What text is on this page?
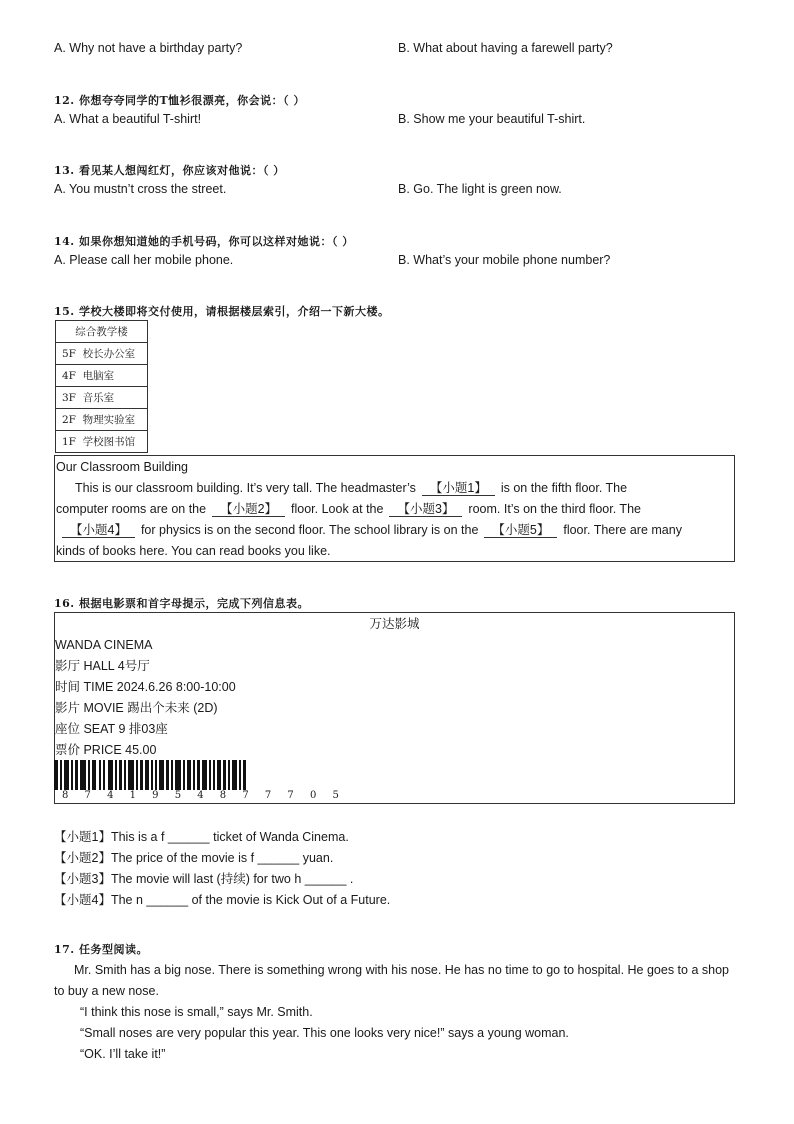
A. Why not have a birthday party?	B. What about having a farewell party?
12. 你想夸夸同学的T恤衫很漂亮，你会说：（ ）
A. What a beautiful T-shirt!	B. Show me your beautiful T-shirt.
13. 看见某人想闯红灯，你应该对他说：（ ）
A. You mustn’t cross the street.	B. Go. The light is green now.
14. 如果你想知道她的手机号码，你可以这样对她说：（ ）
A. Please call her mobile phone.	B. What’s your mobile phone number?
15. 学校大楼即将交付使用，请根据楼层索引，介绍一下新大楼。
综合教学楼
5F 校长办公室
4F 电脑室
3F 音乐室
2F 物理实验室
1F 学校图书馆
Our Classroom Building
This is our classroom building. It’s very tall. The headmaster’s 【小题1】 is on the fifth floor. The
computer rooms are on the 【小题2】 floor. Look at the 【小题3】 room. It’s on the third floor. The
【小题4】 for physics is on the second floor. The school library is on the 【小题5】 floor. There are many
kinds of books here. You can read books you like.
16. 根据电影票和首字母提示，完成下列信息表。
万达影城
WANDA CINEMA
影厅 HALL 4号厅
时间 TIME 2024.6.26 8:00-10:00
影片 MOVIE 踢出个未来 (2D)
座位 SEAT 9 排03座
票价 PRICE 45.00
8 7 4 1 9 5 4 8 7 7 7 0 5
【小题1】This is a f ______ ticket of Wanda Cinema.
【小题2】The price of the movie is f ______ yuan.
【小题3】The movie will last (持续) for two h ______ .
【小题4】The n ______ of the movie is Kick Out of a Future.
17. 任务型阅读。
Mr. Smith has a big nose. There is something wrong with his nose. He has no time to go to hospital. He goes to a shop to buy a new nose.
“I think this nose is small,” says Mr. Smith.
“Small noses are very popular this year. This one looks very nice!” says a young woman.
“OK. I’ll take it!”
